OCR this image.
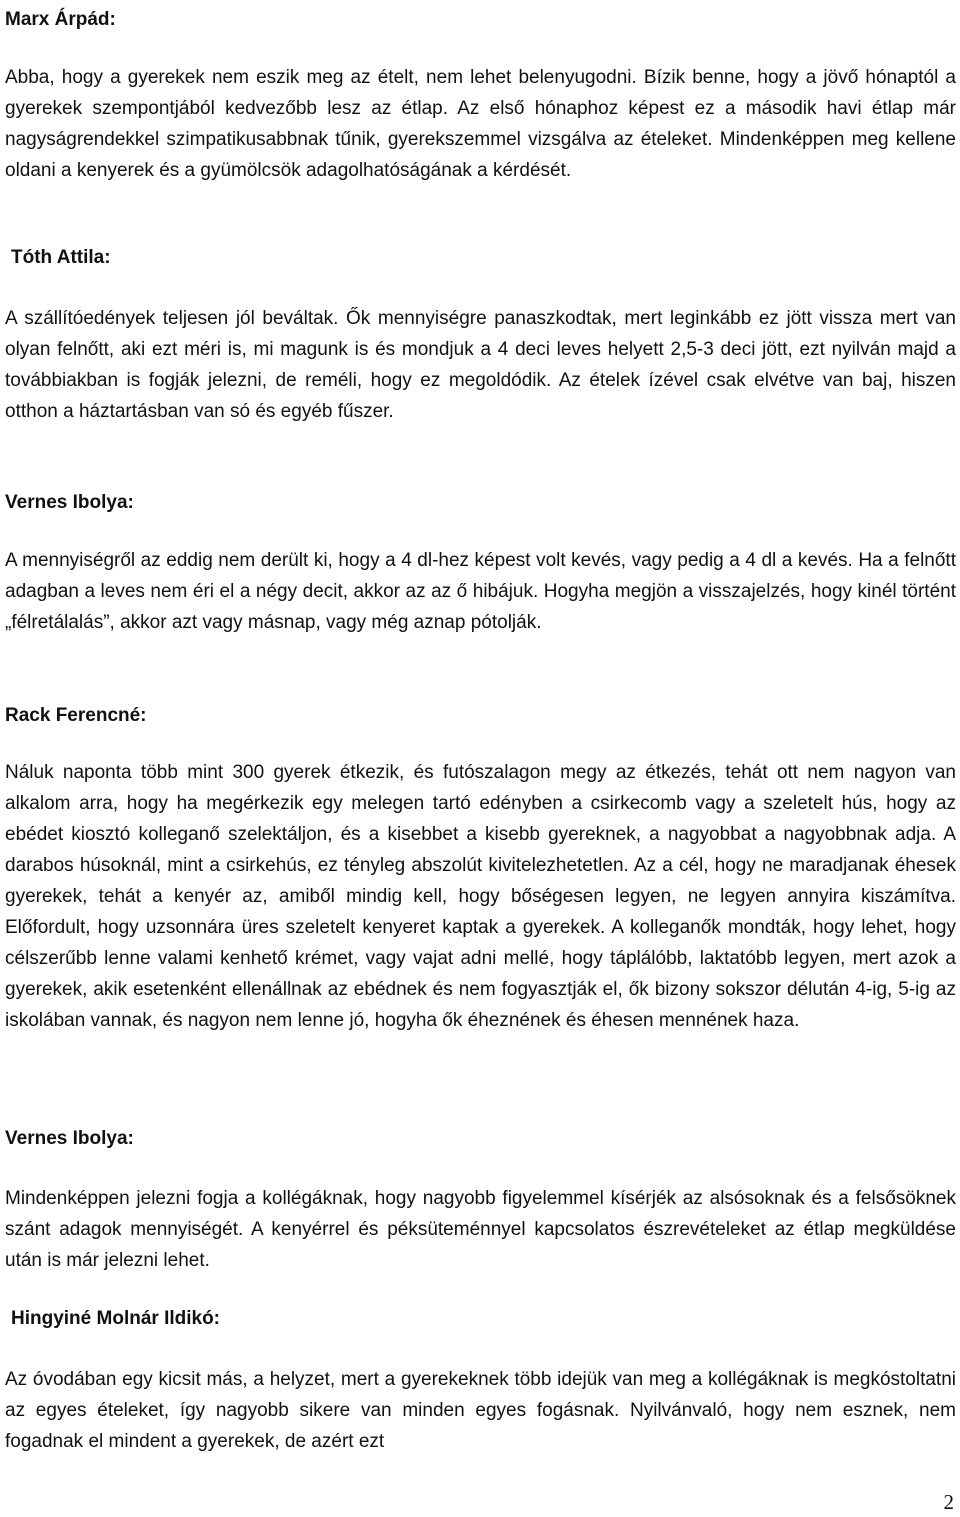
Marx Árpád:

Abba, hogy a gyerekek nem eszik meg az ételt, nem lehet belenyugodni. Bízik benne, hogy a jövő hónaptól a gyerekek szempontjából kedvezőbb lesz az étlap. Az első hónaphoz képest ez a második havi étlap már nagyságrendekkel szimpatikusabbnak tűnik, gyerekszemmel vizsgálva az ételeket. Mindenképpen meg kellene oldani a kenyerek és a gyümölcsök adagolhatóságának a kérdését.

Tóth Attila:

A szállítóedények teljesen jól beváltak. Ők mennyiségre panaszkodtak, mert leginkább ez jött vissza mert van olyan felnőtt, aki ezt méri is, mi magunk is és mondjuk a 4 deci leves helyett 2,5-3 deci jött, ezt nyilván majd a továbbiakban is fogják jelezni, de reméli, hogy ez megoldódik. Az ételek ízével csak elvétve van baj, hiszen otthon a háztartásban van só és egyéb fűszer.

Vernes Ibolya:

A mennyiségről az eddig nem derült ki, hogy a 4 dl-hez képest volt kevés, vagy pedig a 4 dl a kevés. Ha a felnőtt adagban a leves nem éri el a négy decit, akkor az az ő hibájuk. Hogyha megjön a visszajelzés, hogy kinél történt „félretálalás”, akkor azt vagy másnap, vagy még aznap pótolják.

Rack Ferencné:

Náluk naponta több mint 300 gyerek étkezik, és futószalagon megy az étkezés, tehát ott nem nagyon van alkalom arra, hogy ha megérkezik egy melegen tartó edényben a csirkecomb vagy a szeletelt hús, hogy az ebédet kiosztó kolleganő szelektáljon, és a kisebbet a kisebb gyereknek, a nagyobbat a nagyobbnak adja. A darabos húsoknál, mint a csirkehús, ez tényleg abszolút kivitelezhetetlen. Az a cél, hogy ne maradjanak éhesek gyerekek, tehát a kenyér az, amiből mindig kell, hogy bőségesen legyen, ne legyen annyira kiszámítva. Előfordult, hogy uzsonnára üres szeletelt kenyeret kaptak a gyerekek. A kolleganők mondták, hogy lehet, hogy célszerűbb lenne valami kenhető krémet, vagy vajat adni mellé, hogy táplálóbb, laktatóbb legyen, mert azok a gyerekek, akik esetenként ellenállnak az ebédnek és nem fogyasztják el, ők bizony sokszor délután 4-ig, 5-ig az iskolában vannak, és nagyon nem lenne jó, hogyha ők éheznének és éhesen mennének haza.

Vernes Ibolya:

Mindenképpen jelezni fogja a kollégáknak, hogy nagyobb figyelemmel kísérjék az alsósoknak és a felsősöknek szánt adagok mennyiségét. A kenyérrel és péksüteménnyel kapcsolatos észrevételeket az étlap megküldése után is már jelezni lehet.

Hingyiné Molnár Ildikó:

Az óvodában egy kicsit más, a helyzet, mert a gyerekeknek több idejük van meg a kollégáknak is megkóstoltatni az egyes ételeket, így nagyobb sikere van minden egyes fogásnak. Nyilvánvaló, hogy nem esznek, nem fogadnak el mindent a gyerekek, de azért ezt

2
